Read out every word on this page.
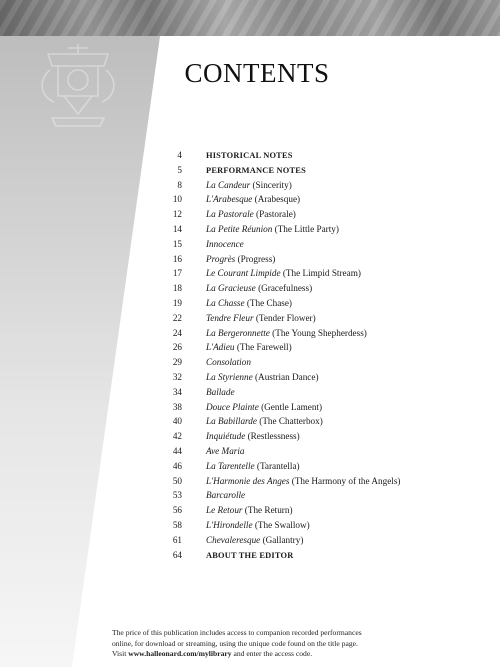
CONTENTS
4	HISTORICAL NOTES
5	PERFORMANCE NOTES
8	La Candeur (Sincerity)
10	L'Arabesque (Arabesque)
12	La Pastorale (Pastorale)
14	La Petite Réunion (The Little Party)
15	Innocence
16	Progrès (Progress)
17	Le Courant Limpide (The Limpid Stream)
18	La Gracieuse (Gracefulness)
19	La Chasse (The Chase)
22	Tendre Fleur (Tender Flower)
24	La Bergeronnette (The Young Shepherdess)
26	L'Adieu (The Farewell)
29	Consolation
32	La Styrienne (Austrian Dance)
34	Ballade
38	Douce Plainte (Gentle Lament)
40	La Babillarde (The Chatterbox)
42	Inquiétude (Restlessness)
44	Ave Maria
46	La Tarentelle (Tarantella)
50	L'Harmonie des Anges (The Harmony of the Angels)
53	Barcarolle
56	Le Retour (The Return)
58	L'Hirondelle (The Swallow)
61	Chevaleresque (Gallantry)
64	ABOUT THE EDITOR
The price of this publication includes access to companion recorded performances
online, for download or streaming, using the unique code found on the title page.
Visit www.halleonard.com/mylibrary and enter the access code.
